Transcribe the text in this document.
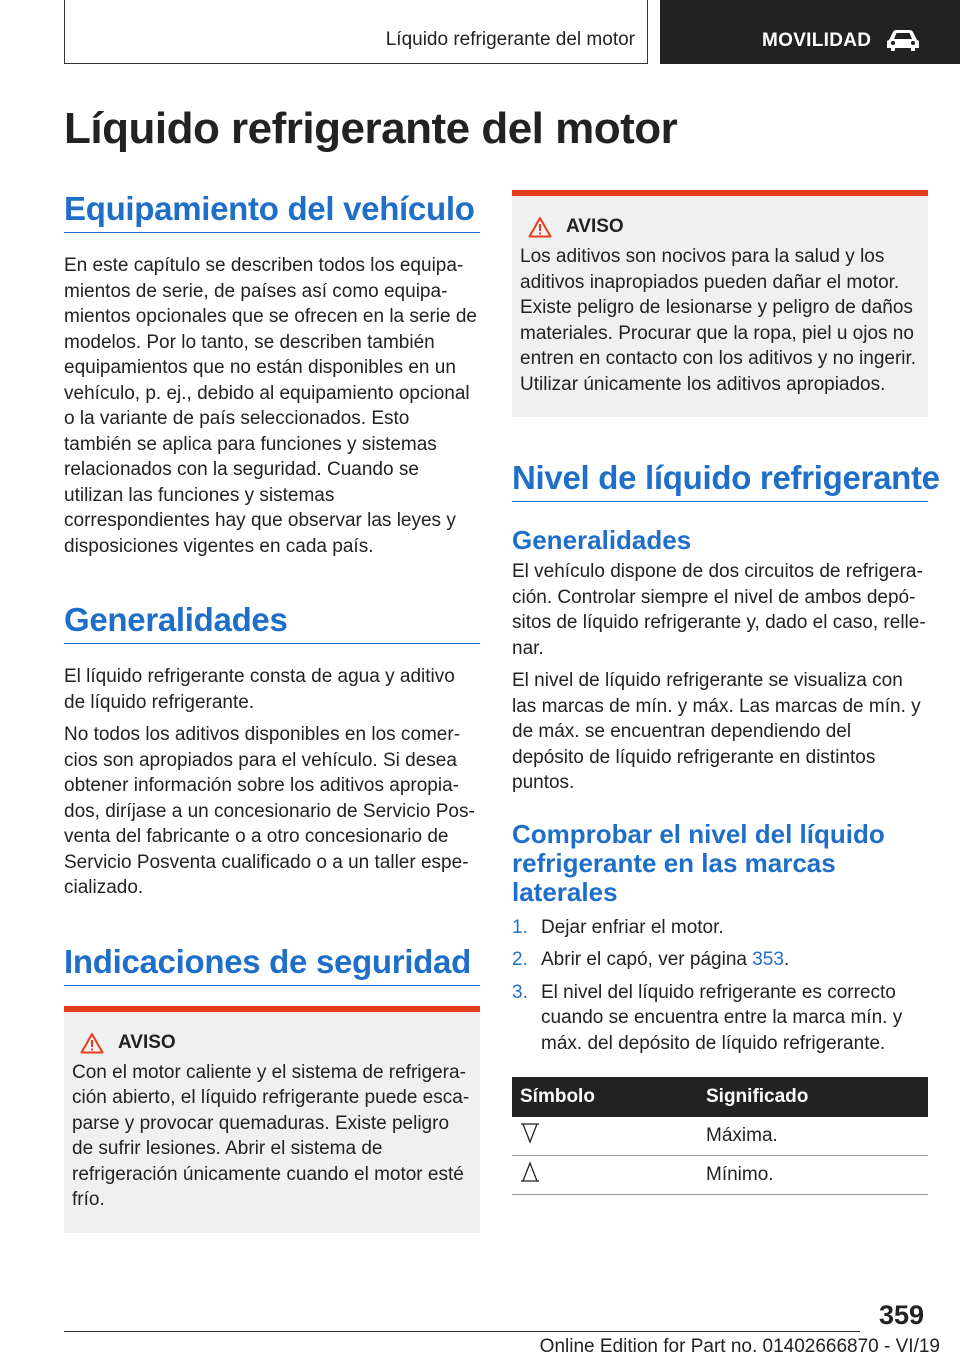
Líquido refrigerante del motor	MOVILIDAD
Líquido refrigerante del motor
Equipamiento del vehículo

En este capítulo se describen todos los equipamientos de serie, de países así como equipamientos opcionales que se ofrecen en la serie de modelos. Por lo tanto, se describen también equipamientos que no están disponibles en un vehículo, p. ej., debido al equipamiento opcional o la variante de país seleccionados. Esto también se aplica para funciones y sistemas relacionados con la seguridad. Cuando se utilizan las funciones y sistemas correspondientes hay que observar las leyes y disposiciones vigentes en cada país.

Generalidades

El líquido refrigerante consta de agua y aditivo de líquido refrigerante.

No todos los aditivos disponibles en los comercios son apropiados para el vehículo. Si desea obtener información sobre los aditivos apropiados, diríjase a un concesionario de Servicio Posventa del fabricante o a otro concesionario de Servicio Posventa cualificado o a un taller especializado.

Indicaciones de seguridad
AVISO

Con el motor caliente y el sistema de refrigeración abierto, el líquido refrigerante puede escaparse y provocar quemaduras. Existe peligro de sufrir lesiones. Abrir el sistema de refrigeración únicamente cuando el motor esté frío.

AVISO

Los aditivos son nocivos para la salud y los aditivos inapropiados pueden dañar el motor. Existe peligro de lesionarse y peligro de daños materiales. Procurar que la ropa, piel u ojos no entren en contacto con los aditivos y no ingerir. Utilizar únicamente los aditivos apropiados.

Nivel de líquido refrigerante
Generalidades

El vehículo dispone de dos circuitos de refrigeración. Controlar siempre el nivel de ambos depósitos de líquido refrigerante y, dado el caso, rellenar.

El nivel de líquido refrigerante se visualiza con las marcas de mín. y máx. Las marcas de mín. y de máx. se encuentran dependiendo del depósito de líquido refrigerante en distintos puntos.

Comprobar el nivel del líquido refrigerante en las marcas laterales
1. Dejar enfriar el motor.
2. Abrir el capó, ver página 353.
3. El nivel del líquido refrigerante es correcto cuando se encuentra entre la marca mín. y máx. del depósito de líquido refrigerante.
Símbolo	Significado
	Máxima.
	Mínimo.
359
Online Edition for Part no. 01402666870 - VI/19
